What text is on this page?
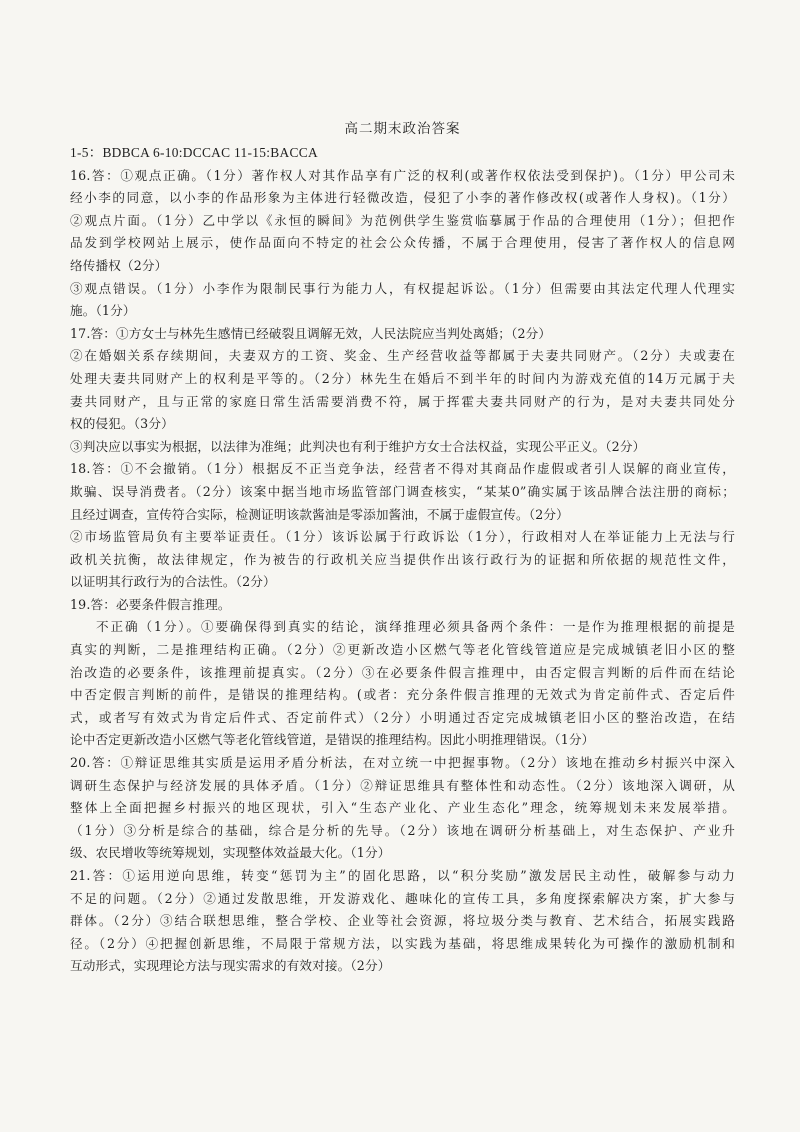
高二期末政治答案
1-5：BDBCA 6-10:DCCAC 11-15:BACCA
16.答：①观点正确。（1分）著作权人对其作品享有广泛的权利(或著作权依法受到保护)。（1分）甲公司未
经小李的同意，以小李的作品形象为主体进行轻微改造，侵犯了小李的著作修改权(或著作人身权)。（1分）
②观点片面。（1分）乙中学以《永恒的瞬间》为范例供学生鉴赏临摹属于作品的合理使用（1分）；但把作
品发到学校网站上展示，使作品面向不特定的社会公众传播，不属于合理使用，侵害了著作权人的信息网
络传播权（2分）
③观点错误。（1分）小李作为限制民事行为能力人，有权提起诉讼。（1分）但需要由其法定代理人代理实
施。（1分）
17.答：①方女士与林先生感情已经破裂且调解无效，人民法院应当判处离婚；（2分）
②在婚姻关系存续期间，夫妻双方的工资、奖金、生产经营收益等都属于夫妻共同财产。（2分）夫或妻在
处理夫妻共同财产上的权利是平等的。（2分）林先生在婚后不到半年的时间内为游戏充值的14万元属于夫
妻共同财产，且与正常的家庭日常生活需要消费不符，属于挥霍夫妻共同财产的行为，是对夫妻共同处分
权的侵犯。（3分）
③判决应以事实为根据，以法律为准绳；此判决也有利于维护方女士合法权益，实现公平正义。（2分）
18.答：①不会撤销。（1分）根据反不正当竞争法，经营者不得对其商品作虚假或者引人误解的商业宣传，
欺骗、误导消费者。（2分）该案中据当地市场监管部门调查核实，“某某0”确实属于该品牌合法注册的商标；
且经过调查，宣传符合实际，检测证明该款酱油是零添加酱油，不属于虚假宣传。（2分）
②市场监管局负有主要举证责任。（1分）该诉讼属于行政诉讼（1分），行政相对人在举证能力上无法与行
政机关抗衡，故法律规定，作为被告的行政机关应当提供作出该行政行为的证据和所依据的规范性文件，
以证明其行政行为的合法性。（2分）
19.答：必要条件假言推理。
不正确（1分）。①要确保得到真实的结论，演绎推理必须具备两个条件：一是作为推理根据的前提是
真实的判断，二是推理结构正确。（2分）②更新改造小区燃气等老化管线管道应是完成城镇老旧小区的整
治改造的必要条件，该推理前提真实。（2分）③在必要条件假言推理中，由否定假言判断的后件而在结论
中否定假言判断的前件，是错误的推理结构。(或者：充分条件假言推理的无效式为肯定前件式、否定后件
式，或者写有效式为肯定后件式、否定前件式）（2分）小明通过否定完成城镇老旧小区的整治改造，在结
论中否定更新改造小区燃气等老化管线管道，是错误的推理结构。因此小明推理错误。（1分）
20.答：①辩证思维其实质是运用矛盾分析法，在对立统一中把握事物。（2分）该地在推动乡村振兴中深入
调研生态保护与经济发展的具体矛盾。（1分）②辩证思维具有整体性和动态性。（2分）该地深入调研，从
整体上全面把握乡村振兴的地区现状，引入“生态产业化、产业生态化”理念，统筹规划未来发展举措。
（1分）③分析是综合的基础，综合是分析的先导。（2分）该地在调研分析基础上，对生态保护、产业升
级、农民增收等统筹规划，实现整体效益最大化。（1分）
21.答：①运用逆向思维，转变“惩罚为主”的固化思路，以“积分奖励”激发居民主动性，破解参与动力
不足的问题。（2分）②通过发散思维，开发游戏化、趣味化的宣传工具，多角度探索解决方案，扩大参与
群体。（2分）③结合联想思维，整合学校、企业等社会资源，将垃圾分类与教育、艺术结合，拓展实践路
径。（2分）④把握创新思维，不局限于常规方法，以实践为基础，将思维成果转化为可操作的激励机制和
互动形式，实现理论方法与现实需求的有效对接。（2分）
